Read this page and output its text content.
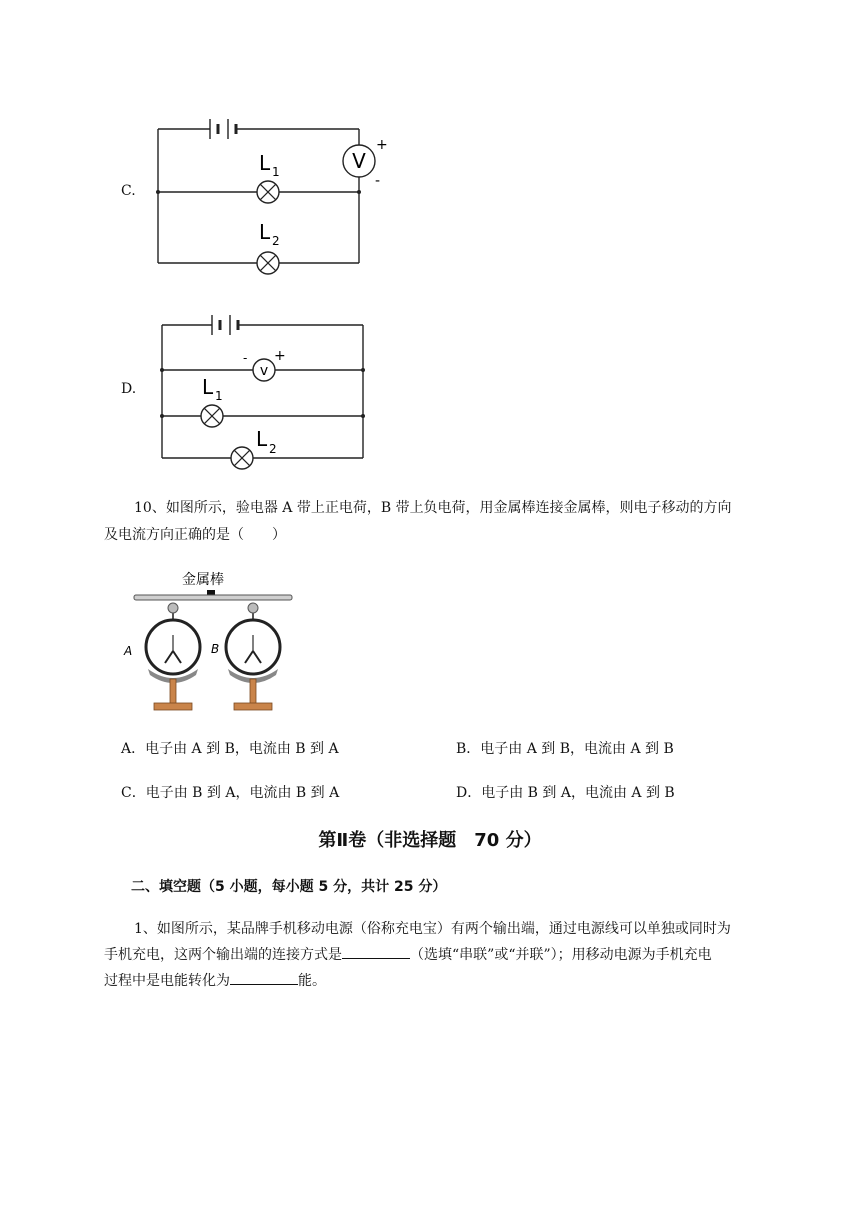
C.
V
+
-
L 1
L 2
D.
v
- +
L 1
L 2
10、如图所示，验电器 A 带上正电荷，B 带上负电荷，用金属棒连接金属棒，则电子移动的方向
及电流方向正确的是（　　）
金属棒
A	B
A．电子由 A 到 B，电流由 B 到 A	B．电子由 A 到 B，电流由 A 到 B
C．电子由 B 到 A，电流由 B 到 A	D．电子由 B 到 A，电流由 A 到 B
第Ⅱ卷（非选择题　70 分）
二、填空题（5 小题，每小题 5 分，共计 25 分）
1、如图所示，某品牌手机移动电源（俗称充电宝）有两个输出端，通过电源线可以单独或同时为
手机充电，这两个输出端的连接方式是	（选填“串联”或“并联”）；用移动电源为手机充电
过程中是电能转化为	能。
